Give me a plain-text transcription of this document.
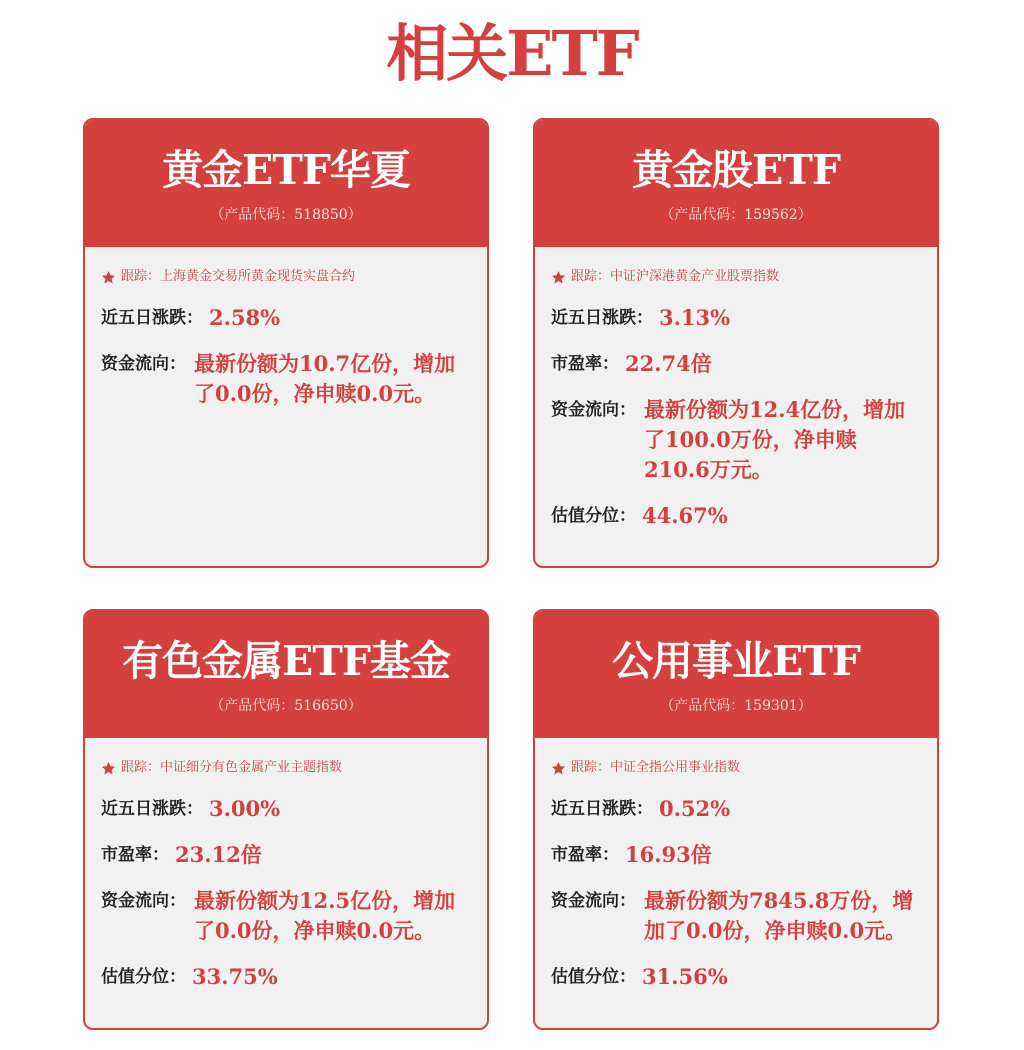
相关ETF
黄金ETF华夏
（产品代码：518850）
跟踪： 上海黄金交易所黄金现货实盘合约
近五日涨跌： 2.58%
资金流向： 最新份额为10.7亿份，增加了0.0份，净申赎0.0元。
黄金股ETF
（产品代码：159562）
跟踪： 中证沪深港黄金产业股票指数
近五日涨跌： 3.13%
市盈率： 22.74倍
资金流向： 最新份额为12.4亿份，增加了100.0万份，净申赎210.6万元。
估值分位： 44.67%
有色金属ETF基金
（产品代码：516650）
跟踪： 中证细分有色金属产业主题指数
近五日涨跌： 3.00%
市盈率： 23.12倍
资金流向： 最新份额为12.5亿份，增加了0.0份，净申赎0.0元。
估值分位： 33.75%
公用事业ETF
（产品代码：159301）
跟踪： 中证全指公用事业指数
近五日涨跌： 0.52%
市盈率： 16.93倍
资金流向： 最新份额为7845.8万份，增加了0.0份，净申赎0.0元。
估值分位： 31.56%
